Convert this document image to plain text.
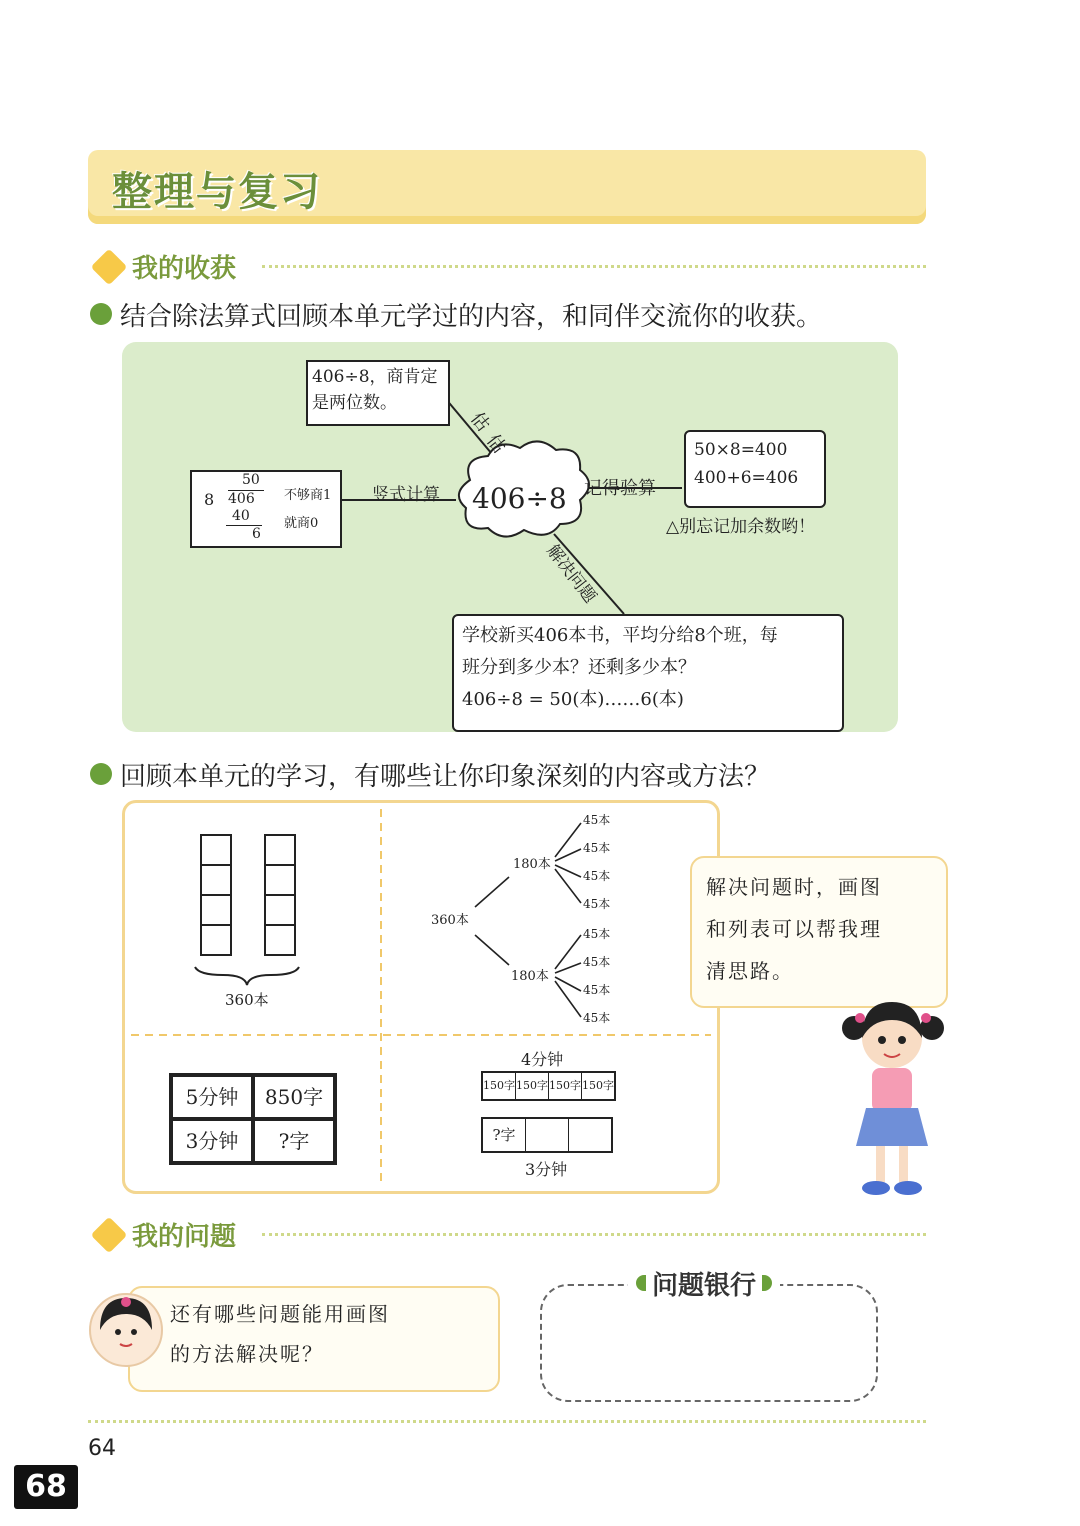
整理与复习
我的收获
结合除法算式回顾本单元学过的内容，和同伴交流你的收获。
406÷8
估
估
406÷8，商肯定
是两位数。
竖式计算
50
8 406
40
6
不够商1
就商0
记得验算
50×8=400
400+6=406
△别忘记加余数哟！
解决问题
学校新买406本书，平均分给8个班，每
班分到多少本？还剩多少本？
406÷8 = 50(本)……6(本)
回顾本单元的学习，有哪些让你印象深刻的内容或方法？
360本
360本
180本
180本
45本
45本
45本
45本
45本
45本
45本
45本
5分钟	850字
3分钟	?字
4分钟
150字 150字 150字 150字
?字
3分钟
解决问题时，画图
和列表可以帮我理
清思路。
我的问题
还有哪些问题能用画图
的方法解决呢？
问题银行
64
68
